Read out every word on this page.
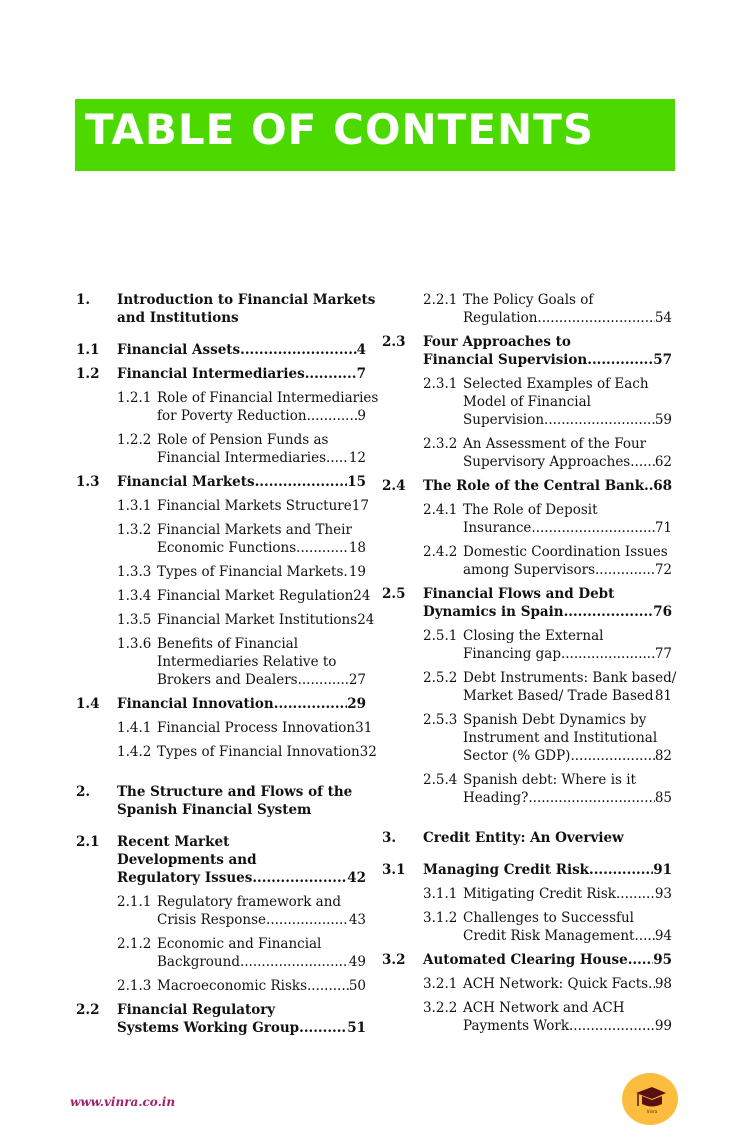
TABLE OF CONTENTS
1. Introduction to Financial Markets
and Institutions
1.1 Financial Assets .....	4
1.2 Financial Intermediaries .....	7
1.2.1 Role of Financial Intermediaries
for Poverty Reduction .....	9
1.2.2 Role of Pension Funds as
Financial Intermediaries ..... 12
1.3 Financial Markets .....	15
1.3.1 Financial Markets Structure 17
1.3.2 Financial Markets and Their
Economic Functions .....	18
1.3.3 Types of Financial Markets ..... 19
1.3.4 Financial Market Regulation 24
1.3.5 Financial Market Institutions 24
1.3.6 Benefits of Financial
Intermediaries Relative to
Brokers and Dealers .....	27
1.4 Financial Innovation .....	29
1.4.1 Financial Process Innovation 31
1.4.2 Types of Financial Innovation 32
2. The Structure and Flows of the
Spanish Financial System
2.1 Recent Market
Developments and
Regulatory Issues .....	42
2.1.1 Regulatory framework and
Crisis Response .....	43
2.1.2 Economic and Financial
Background .....	49
2.1.3 Macroeconomic Risks .....	50
2.2 Financial Regulatory
Systems Working Group .....	51
2.2.1 The Policy Goals of
Regulation .....	54
2.3 Four Approaches to
Financial Supervision .....	57
2.3.1 Selected Examples of Each
Model of Financial
Supervision .....	59
2.3.2 An Assessment of the Four
Supervisory Approaches ..... 62
2.4 The Role of the Central Bank ..... 68
2.4.1 The Role of Deposit
Insurance .....	71
2.4.2 Domestic Coordination Issues
among Supervisors .....	72
2.5 Financial Flows and Debt
Dynamics in Spain .....	76
2.5.1 Closing the External
Financing gap .....	77
2.5.2 Debt Instruments: Bank based/
Market Based/ Trade Based ..... 81
2.5.3 Spanish Debt Dynamics by
Instrument and Institutional
Sector (% GDP) .....	82
2.5.4 Spanish debt: Where is it
Heading? .....	85
3. Credit Entity: An Overview
3.1 Managing Credit Risk .....	91
3.1.1 Mitigating Credit Risk .....	93
3.1.2 Challenges to Successful
Credit Risk Management ..... 94
3.2 Automated Clearing House ..... 95
3.2.1 ACH Network: Quick Facts ..... 98
3.2.2 ACH Network and ACH
Payments Work .....	99
www.vinra.co.in
Vinra
